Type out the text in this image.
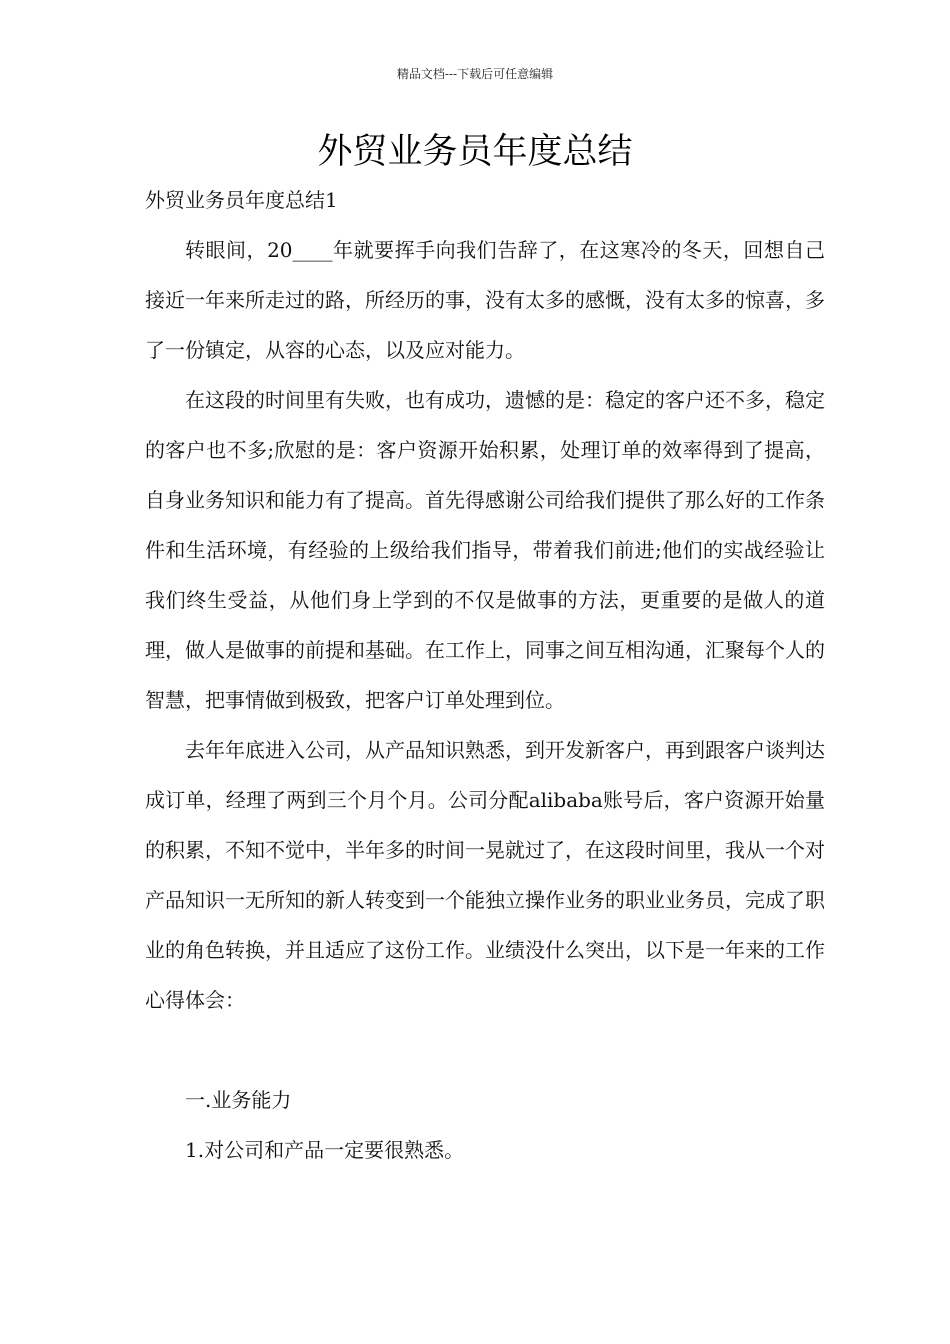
精品文档---下载后可任意编辑
外贸业务员年度总结
外贸业务员年度总结1

转眼间，20____年就要挥手向我们告辞了，在这寒冷的冬天，回想自己接近一年来所走过的路，所经历的事，没有太多的感慨，没有太多的惊喜，多了一份镇定，从容的心态，以及应对能力。

在这段的时间里有失败，也有成功，遗憾的是：稳定的客户还不多，稳定的客户也不多;欣慰的是：客户资源开始积累，处理订单的效率得到了提高，自身业务知识和能力有了提高。首先得感谢公司给我们提供了那么好的工作条件和生活环境，有经验的上级给我们指导，带着我们前进;他们的实战经验让我们终生受益，从他们身上学到的不仅是做事的方法，更重要的是做人的道理，做人是做事的前提和基础。在工作上，同事之间互相沟通，汇聚每个人的智慧，把事情做到极致，把客户订单处理到位。

去年年底进入公司，从产品知识熟悉，到开发新客户，再到跟客户谈判达成订单，经理了两到三个月个月。公司分配alibaba账号后，客户资源开始量的积累，不知不觉中，半年多的时间一晃就过了，在这段时间里，我从一个对产品知识一无所知的新人转变到一个能独立操作业务的职业业务员，完成了职业的角色转换，并且适应了这份工作。业绩没什么突出，以下是一年来的工作心得体会：

一.业务能力

1.对公司和产品一定要很熟悉。
